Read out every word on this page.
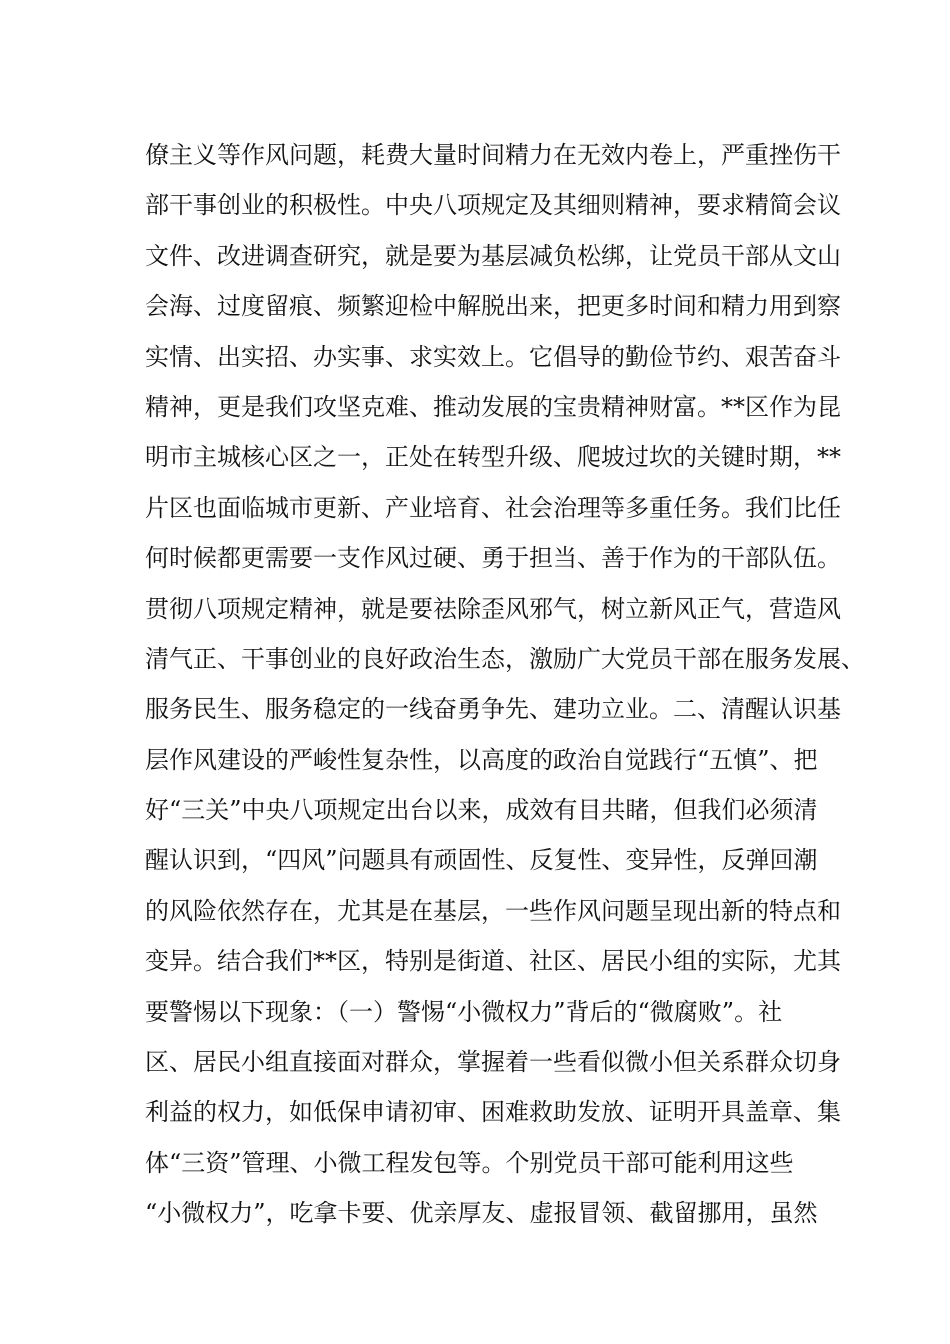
僚主义等作风问题，耗费大量时间精力在无效内卷上，严重挫伤干
部干事创业的积极性。中央八项规定及其细则精神，要求精简会议
文件、改进调查研究，就是要为基层减负松绑，让党员干部从文山
会海、过度留痕、频繁迎检中解脱出来，把更多时间和精力用到察
实情、出实招、办实事、求实效上。它倡导的勤俭节约、艰苦奋斗
精神，更是我们攻坚克难、推动发展的宝贵精神财富。**区作为昆
明市主城核心区之一，正处在转型升级、爬坡过坎的关键时期，**
片区也面临城市更新、产业培育、社会治理等多重任务。我们比任
何时候都更需要一支作风过硬、勇于担当、善于作为的干部队伍。
贯彻八项规定精神，就是要祛除歪风邪气，树立新风正气，营造风
清气正、干事创业的良好政治生态，激励广大党员干部在服务发展、
服务民生、服务稳定的一线奋勇争先、建功立业。二、清醒认识基
层作风建设的严峻性复杂性，以高度的政治自觉践行“五慎”、把
好“三关”中央八项规定出台以来，成效有目共睹，但我们必须清
醒认识到，“四风”问题具有顽固性、反复性、变异性，反弹回潮
的风险依然存在，尤其是在基层，一些作风问题呈现出新的特点和
变异。结合我们**区，特别是街道、社区、居民小组的实际，尤其
要警惕以下现象：（一）警惕“小微权力”背后的“微腐败”。社
区、居民小组直接面对群众，掌握着一些看似微小但关系群众切身
利益的权力，如低保申请初审、困难救助发放、证明开具盖章、集
体“三资”管理、小微工程发包等。个别党员干部可能利用这些
“小微权力”，吃拿卡要、优亲厚友、虚报冒领、截留挪用，虽然
